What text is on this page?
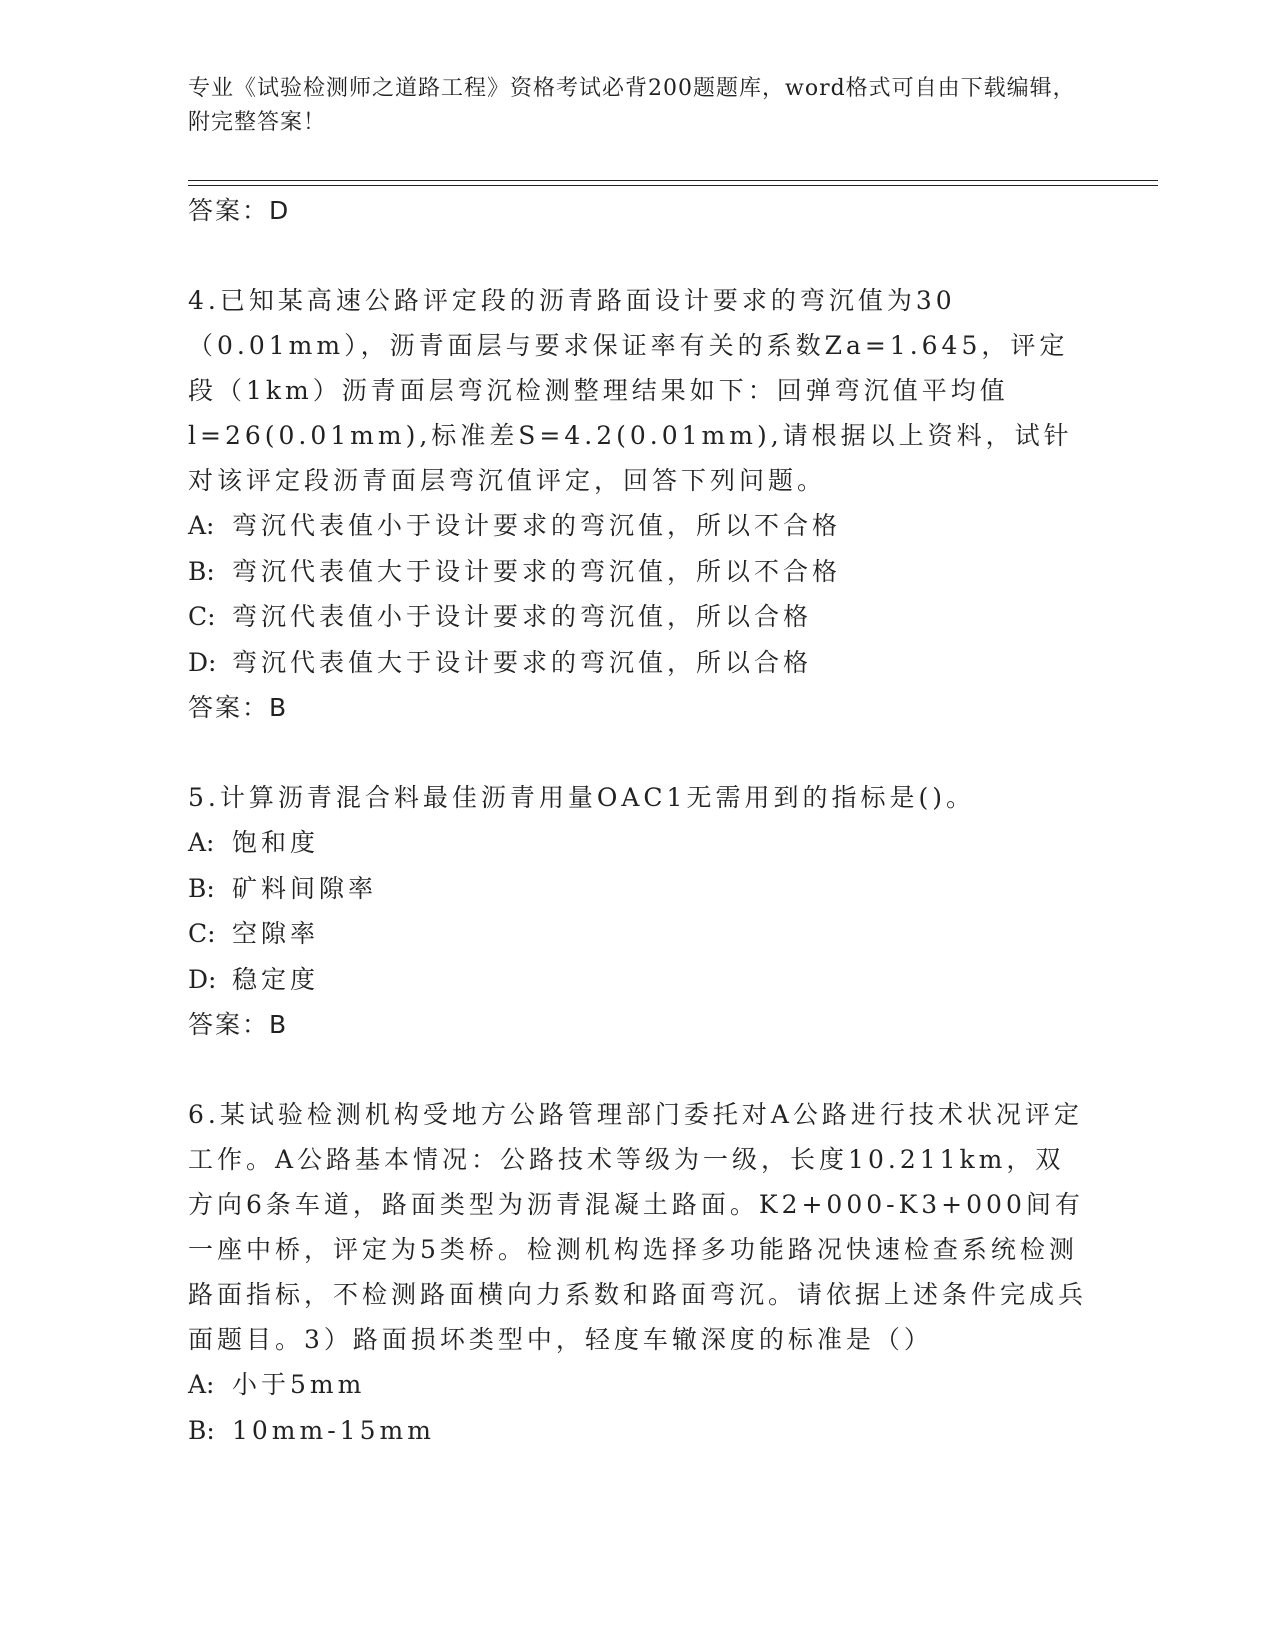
专业《试验检测师之道路工程》资格考试必背200题题库，word格式可自由下载编辑，附完整答案！

答案：D

4.已知某高速公路评定段的沥青路面设计要求的弯沉值为30（0.01mm），沥青面层与要求保证率有关的系数Za=1.645，评定段（1km）沥青面层弯沉检测整理结果如下：回弹弯沉值平均值l=26(0.01mm),标准差S=4.2(0.01mm),请根据以上资料，试针对该评定段沥青面层弯沉值评定，回答下列问题。

A: 弯沉代表值小于设计要求的弯沉值，所以不合格

B: 弯沉代表值大于设计要求的弯沉值，所以不合格

C: 弯沉代表值小于设计要求的弯沉值，所以合格

D: 弯沉代表值大于设计要求的弯沉值，所以合格

答案：B

5.计算沥青混合料最佳沥青用量OAC1无需用到的指标是()。

A: 饱和度

B: 矿料间隙率

C: 空隙率

D: 稳定度

答案：B

6.某试验检测机构受地方公路管理部门委托对A公路进行技术状况评定工作。A公路基本情况：公路技术等级为一级，长度10.211km，双方向6条车道，路面类型为沥青混凝土路面。K2+000-K3+000间有一座中桥，评定为5类桥。检测机构选择多功能路况快速检查系统检测路面指标，不检测路面横向力系数和路面弯沉。请依据上述条件完成兵面题目。3）路面损坏类型中，轻度车辙深度的标准是（）

A: 小于5mm

B: 10mm-15mm
